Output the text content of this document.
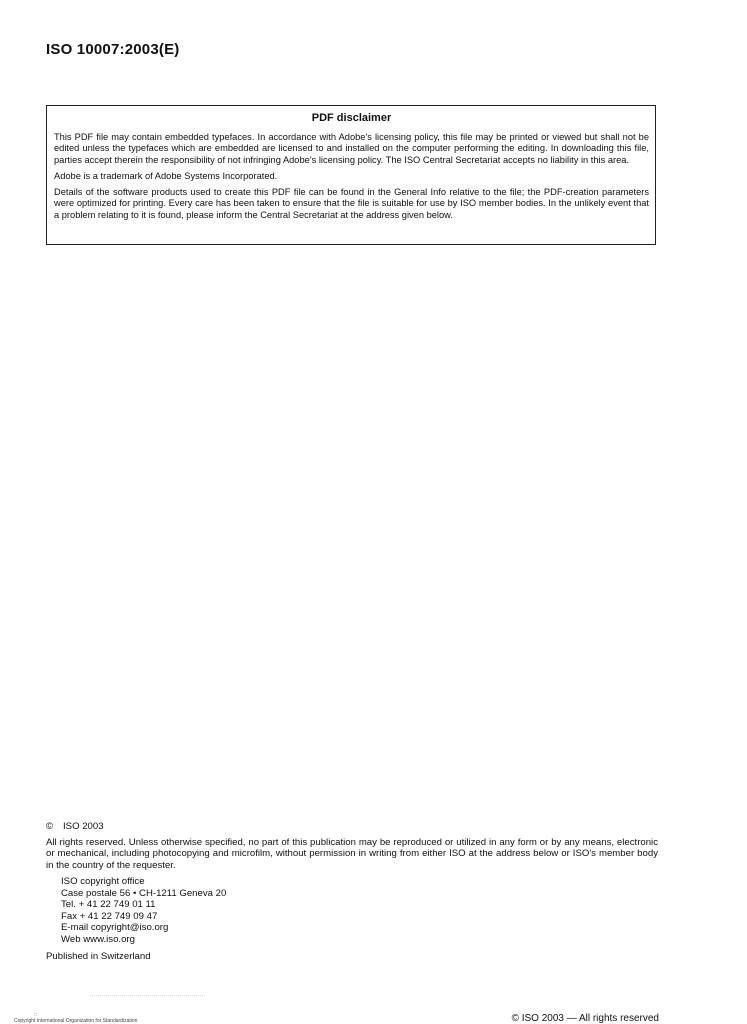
ISO 10007:2003(E)
PDF disclaimer

This PDF file may contain embedded typefaces. In accordance with Adobe's licensing policy, this file may be printed or viewed but shall not be edited unless the typefaces which are embedded are licensed to and installed on the computer performing the editing. In downloading this file, parties accept therein the responsibility of not infringing Adobe's licensing policy. The ISO Central Secretariat accepts no liability in this area.

Adobe is a trademark of Adobe Systems Incorporated.

Details of the software products used to create this PDF file can be found in the General Info relative to the file; the PDF-creation parameters were optimized for printing. Every care has been taken to ensure that the file is suitable for use by ISO member bodies. In the unlikely event that a problem relating to it is found, please inform the Central Secretariat at the address given below.

© ISO 2003
All rights reserved. Unless otherwise specified, no part of this publication may be reproduced or utilized in any form or by any means, electronic or mechanical, including photocopying and microfilm, without permission in writing from either ISO at the address below or ISO's member body in the country of the requester.
ISO copyright office
Case postale 56 • CH-1211 Geneva 20
Tel. + 41 22 749 01 11
Fax + 41 22 749 09 47
E-mail copyright@iso.org
Web www.iso.org
Published in Switzerland
::
Copyright International Organization for Standardization	© ISO 2003 — All rights reserved
